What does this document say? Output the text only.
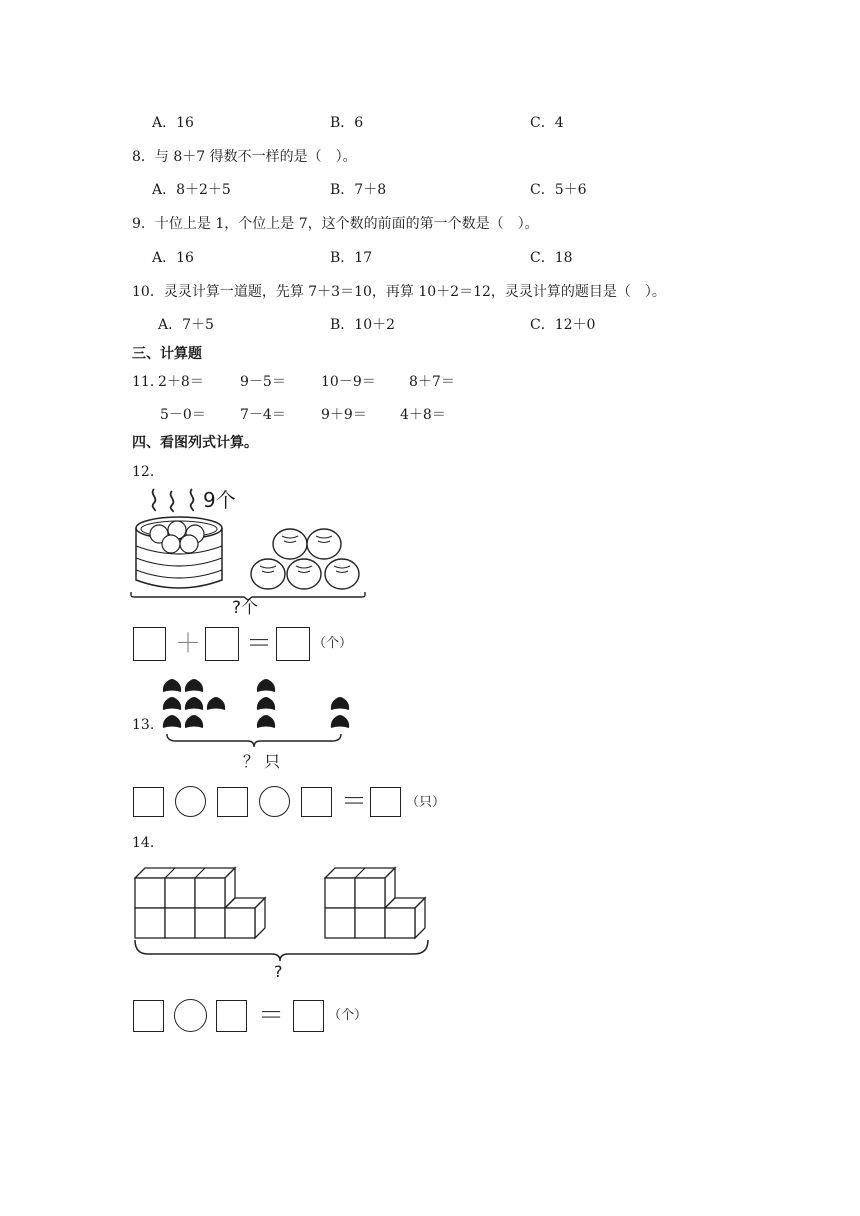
A．16	B．6	C．4
8．与 8＋7 得数不一样的是（　）。
A．8＋2＋5	B．7＋8	C．5＋6
9．十位上是 1，个位上是 7，这个数的前面的第一个数是（　）。
A．16	B．17	C．18
10．灵灵计算一道题，先算 7＋3＝10，再算 10＋2＝12，灵灵计算的题目是（　）。
A．7＋5	B．10＋2	C．12＋0
三、计算题
11．
2＋8＝	9－5＝	10－9＝ 8＋7＝
5－0＝ 7－4＝	9＋9＝ 4＋8＝
四、看图列式计算。
12.
9个
?个
＋ ＝	（个）
13.
？ 只
＝	（只）
14.
?
＝	（个）
